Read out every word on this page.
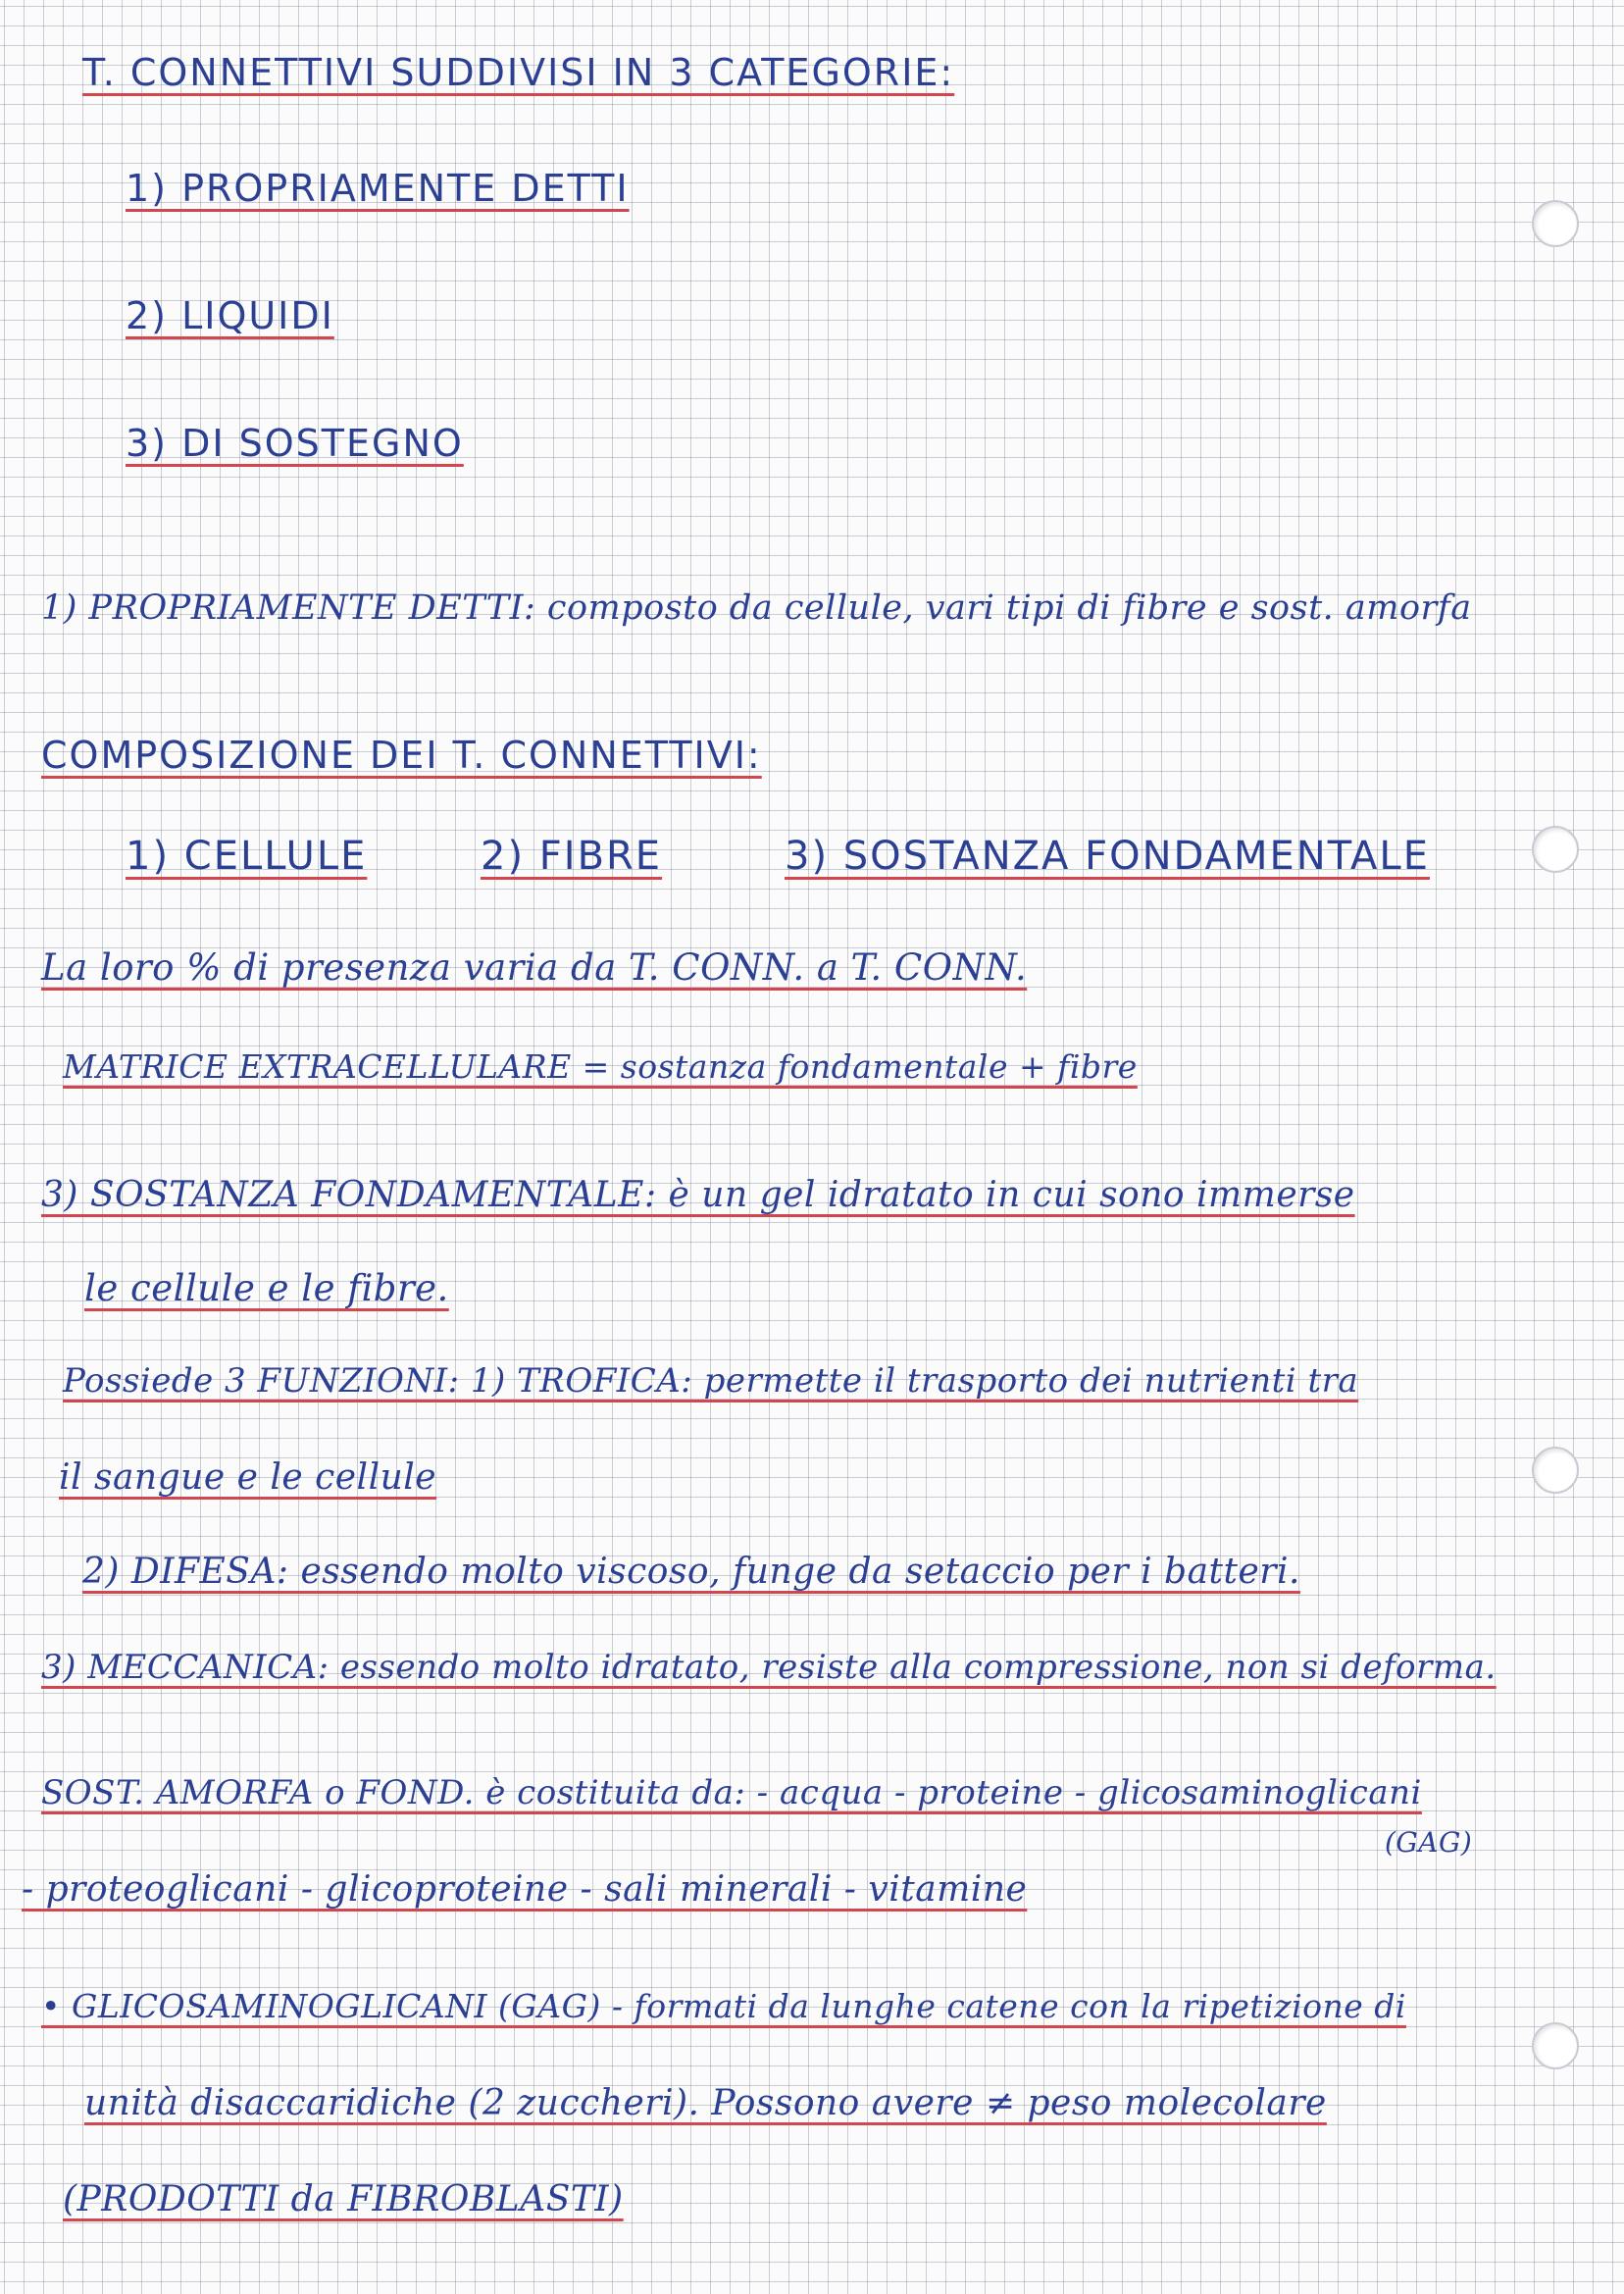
T. CONNETTIVI SUDDIVISI IN 3 CATEGORIE:
1) PROPRIAMENTE DETTI
2) LIQUIDI
3) DI SOSTEGNO
1) PROPRIAMENTE DETTI: composto da cellule, vari tipi di fibre e sost. amorfa
COMPOSIZIONE DEI T. CONNETTIVI:
1) CELLULE	2) FIBRE	3) SOSTANZA FONDAMENTALE
La loro % di presenza varia da T. CONN. a T. CONN.
MATRICE EXTRACELLULARE = sostanza fondamentale + fibre
3) SOSTANZA FONDAMENTALE: è un gel idratato in cui sono immerse
le cellule e le fibre.
Possiede 3 FUNZIONI: 1) TROFICA: permette il trasporto dei nutrienti tra
il sangue e le cellule
2) DIFESA: essendo molto viscoso, funge da setaccio per i batteri.
3) MECCANICA: essendo molto idratato, resiste alla compressione, non si deforma.
SOST. AMORFA o FOND. è costituita da: - acqua - proteine - glicosaminoglicani
(GAG)
- proteoglicani - glicoproteine - sali minerali - vitamine
• GLICOSAMINOGLICANI (GAG) - formati da lunghe catene con la ripetizione di
unità disaccaridiche (2 zuccheri). Possono avere ≠ peso molecolare
(PRODOTTI da FIBROBLASTI)
